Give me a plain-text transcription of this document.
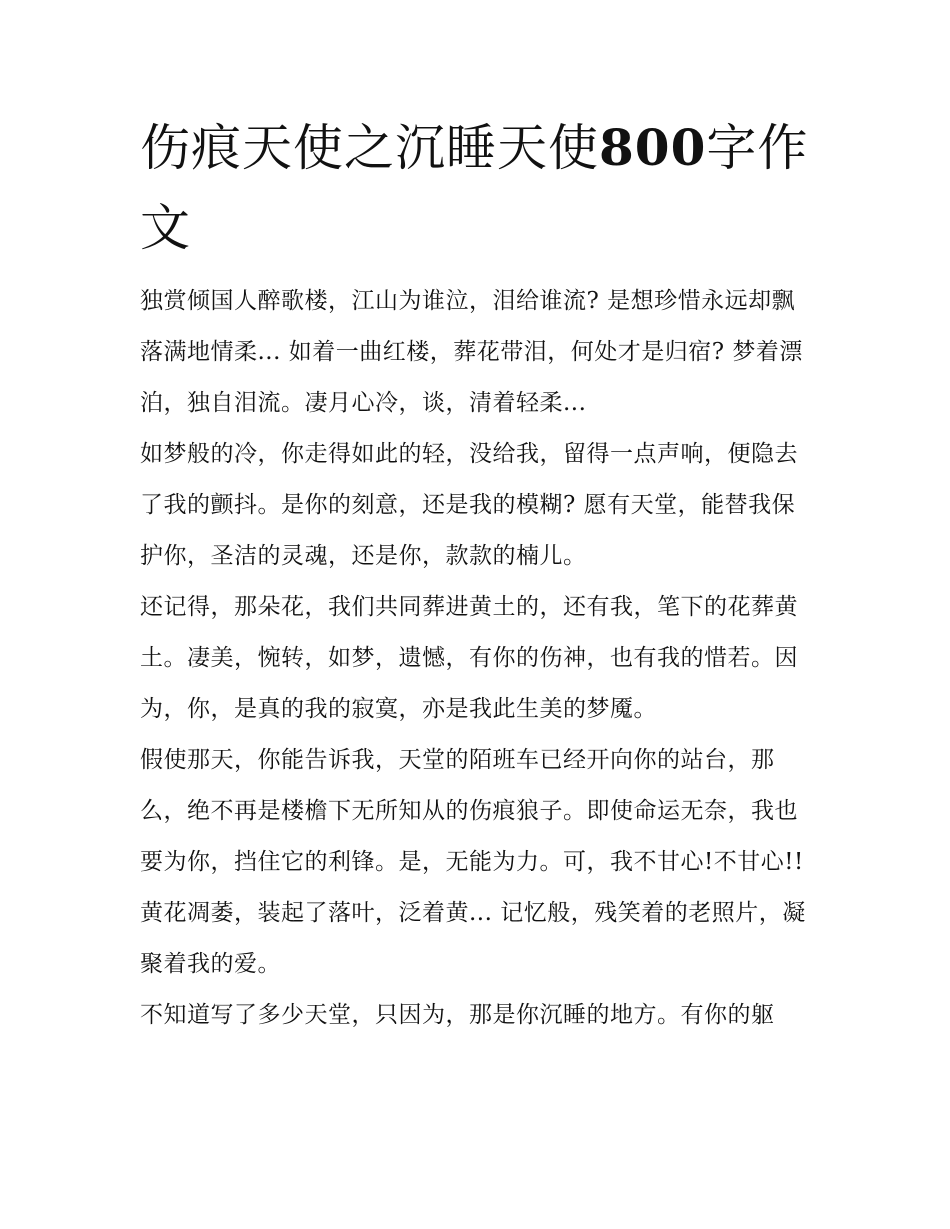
伤痕天使之沉睡天使800字作文

独赏倾国人醉歌楼，江山为谁泣，泪给谁流? 是想珍惜永远却飘落满地情柔... 如着一曲红楼，葬花带泪，何处才是归宿? 梦着漂泊，独自泪流。凄月心冷，谈，清着轻柔...

如梦般的冷，你走得如此的轻，没给我，留得一点声响，便隐去了我的颤抖。是你的刻意，还是我的模糊? 愿有天堂，能替我保护你，圣洁的灵魂，还是你，款款的楠儿。

还记得，那朵花，我们共同葬进黄土的，还有我，笔下的花葬黄土。凄美，惋转，如梦，遗憾，有你的伤神，也有我的惜若。因为，你，是真的我的寂寞，亦是我此生美的梦魇。

假使那天，你能告诉我，天堂的陌班车已经开向你的站台，那么，绝不再是楼檐下无所知从的伤痕狼子。即使命运无奈，我也要为你，挡住它的利锋。是，无能为力。可，我不甘心!不甘心!!

黄花凋萎，装起了落叶，泛着黄... 记忆般，残笑着的老照片，凝聚着我的爱。

不知道写了多少天堂，只因为，那是你沉睡的地方。有你的躯
